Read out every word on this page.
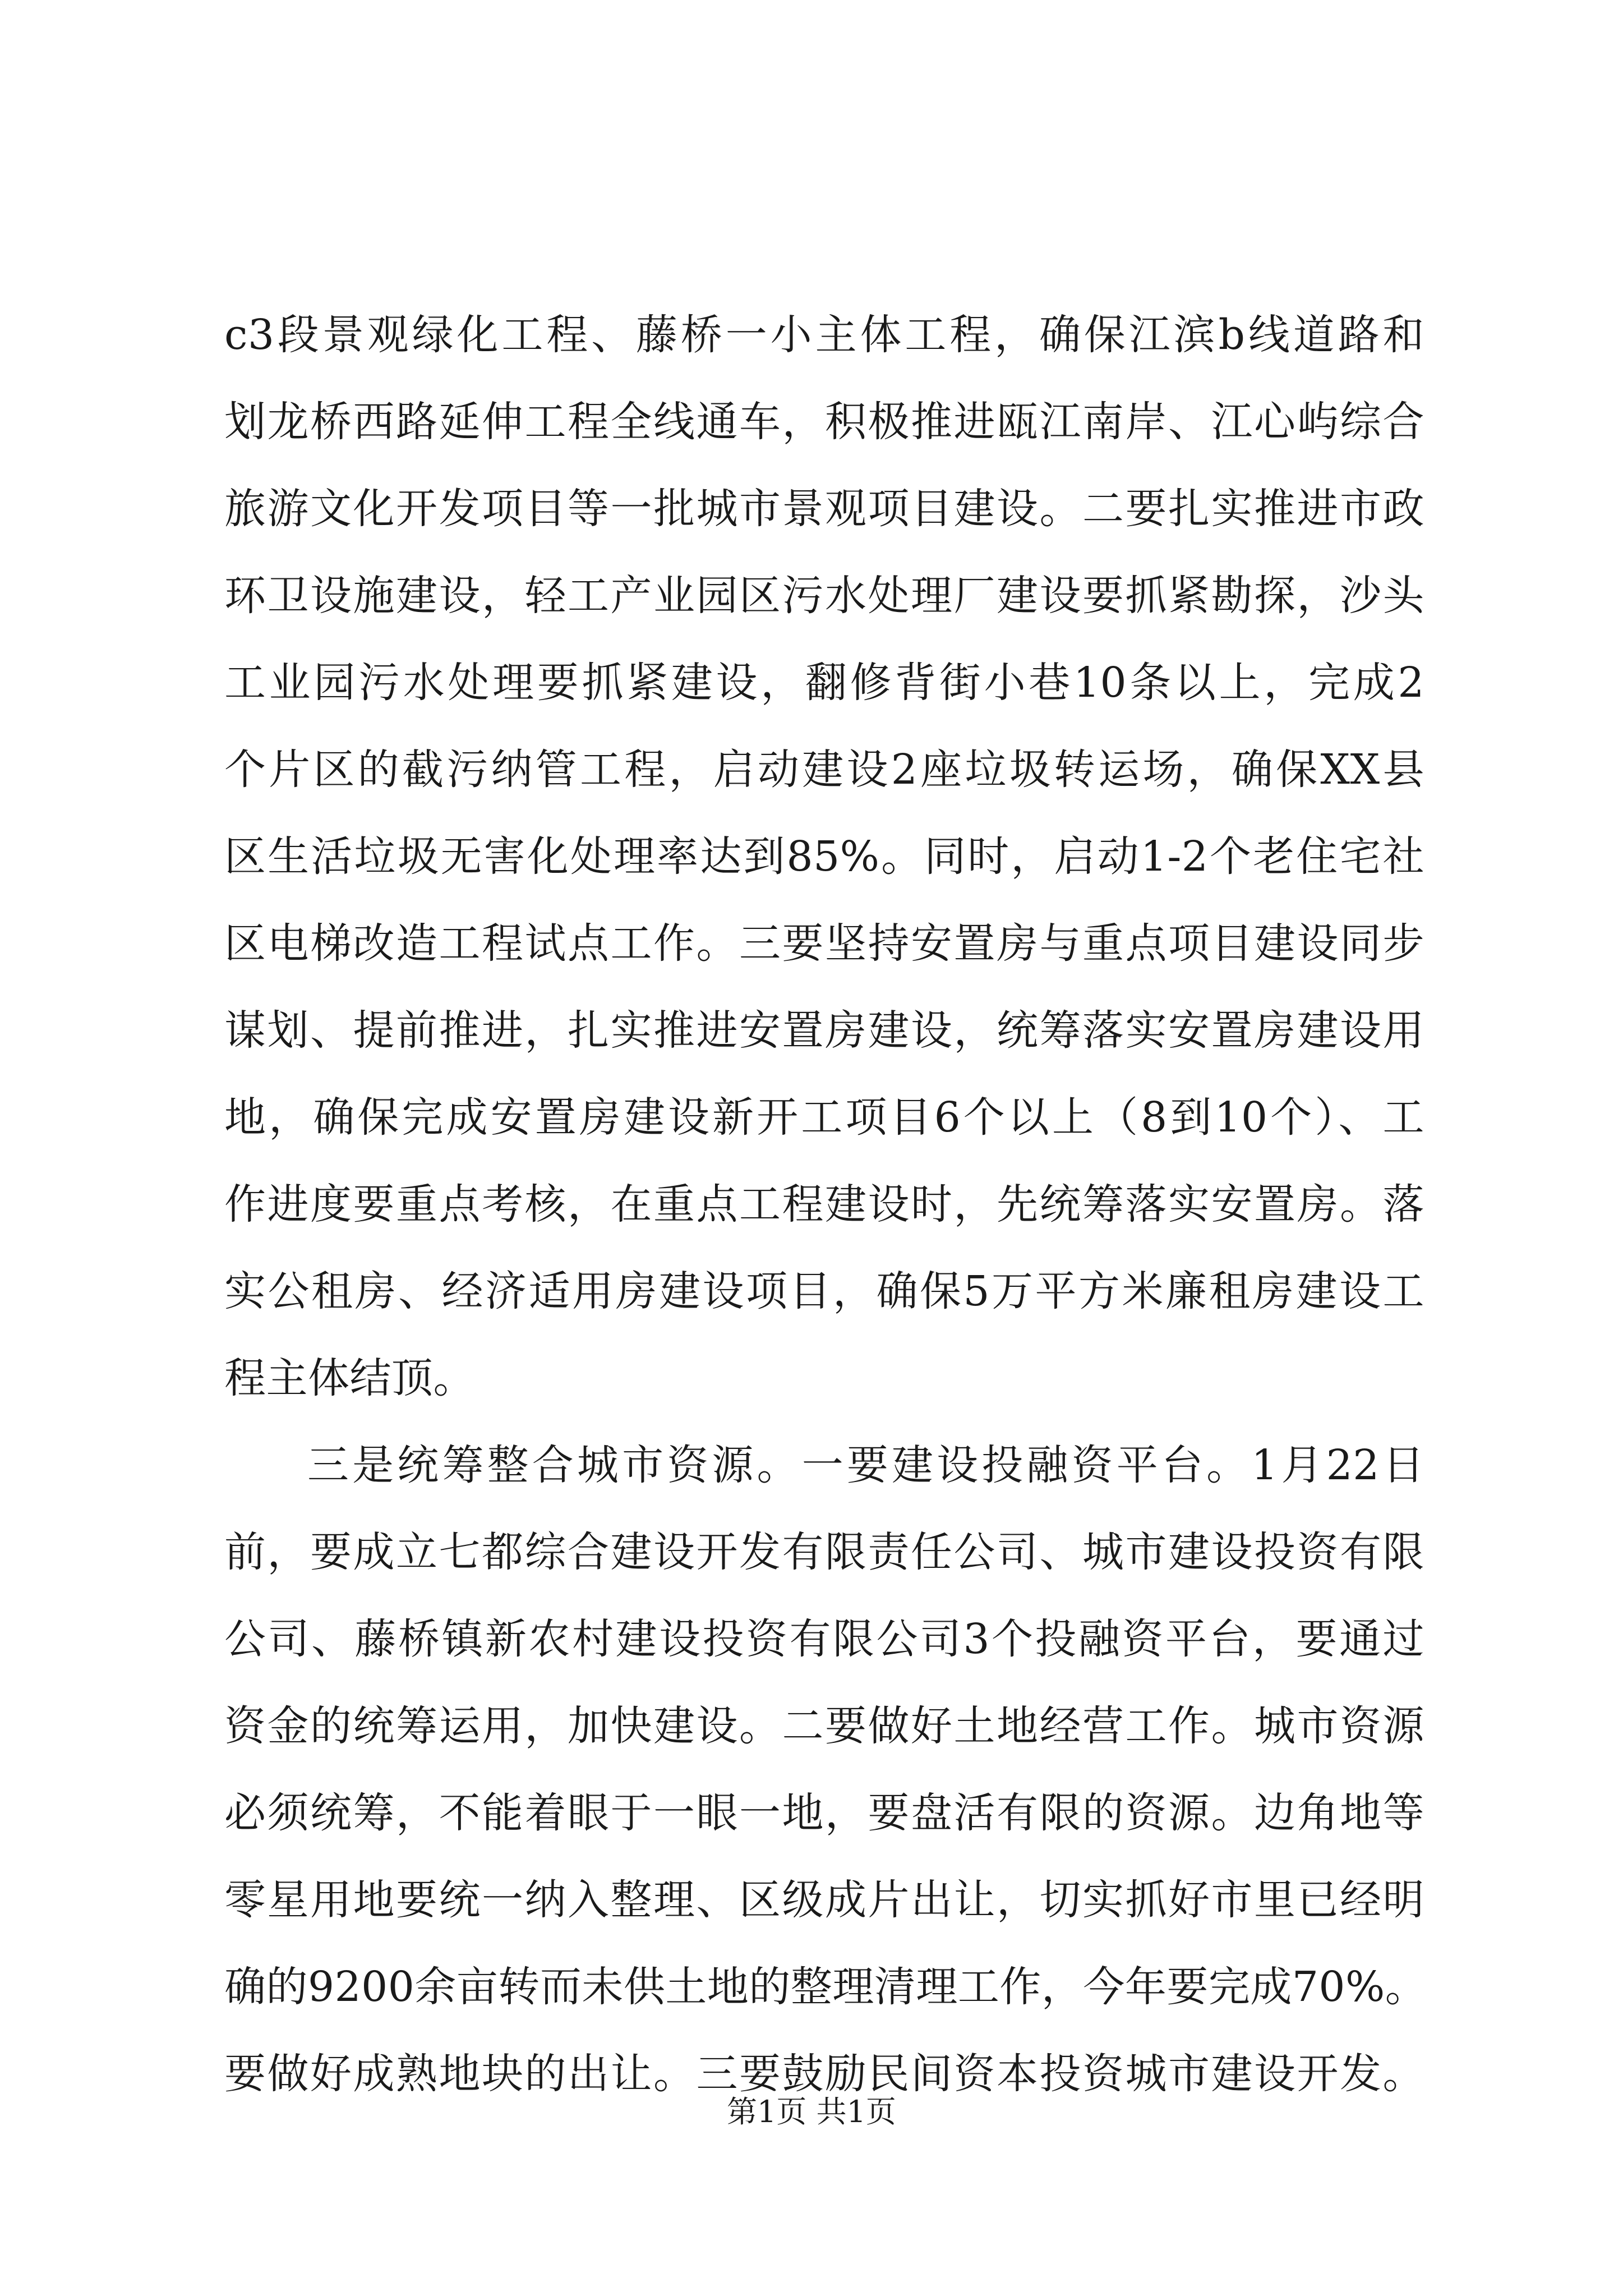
c3段景观绿化工程、藤桥一小主体工程，确保江滨b线道路和
划龙桥西路延伸工程全线通车，积极推进瓯江南岸、江心屿综合
旅游文化开发项目等一批城市景观项目建设。二要扎实推进市政
环卫设施建设，轻工产业园区污水处理厂建设要抓紧勘探，沙头
工业园污水处理要抓紧建设，翻修背街小巷10条以上，完成2
个片区的截污纳管工程，启动建设2座垃圾转运场，确保XX县
区生活垃圾无害化处理率达到85%。同时，启动1-2个老住宅社
区电梯改造工程试点工作。三要坚持安置房与重点项目建设同步
谋划、提前推进，扎实推进安置房建设，统筹落实安置房建设用
地，确保完成安置房建设新开工项目6个以上（8到10个）、工
作进度要重点考核，在重点工程建设时，先统筹落实安置房。落
实公租房、经济适用房建设项目，确保5万平方米廉租房建设工
程主体结顶。
三是统筹整合城市资源。一要建设投融资平台。1月22日
前，要成立七都综合建设开发有限责任公司、城市建设投资有限
公司、藤桥镇新农村建设投资有限公司3个投融资平台，要通过
资金的统筹运用，加快建设。二要做好土地经营工作。城市资源
必须统筹，不能着眼于一眼一地，要盘活有限的资源。边角地等
零星用地要统一纳入整理、区级成片出让，切实抓好市里已经明
确的9200余亩转而未供土地的整理清理工作，今年要完成70%。
要做好成熟地块的出让。三要鼓励民间资本投资城市建设开发。
第1页 共1页
